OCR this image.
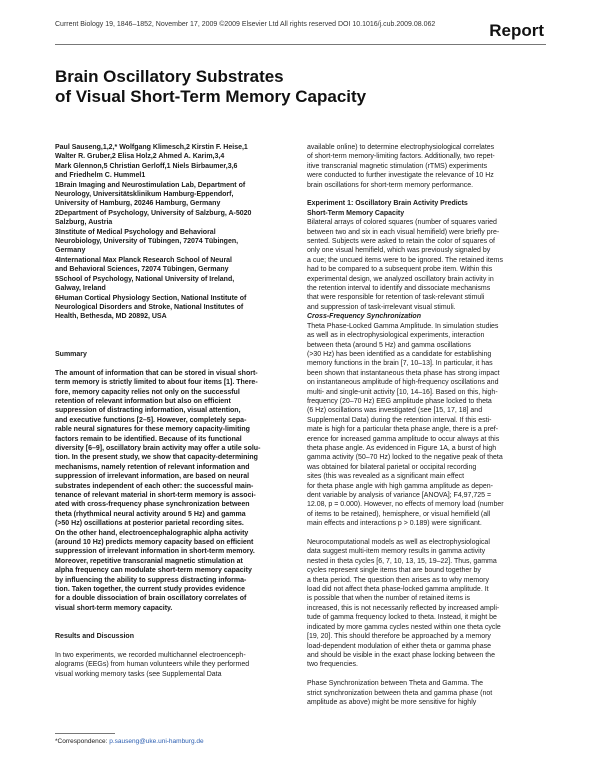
Current Biology 19, 1846–1852, November 17, 2009 ©2009 Elsevier Ltd All rights reserved DOI 10.1016/j.cub.2009.08.062	Report
Brain Oscillatory Substrates
of Visual Short-Term Memory Capacity

Paul Sauseng,1,2,* Wolfgang Klimesch,2 Kirstin F. Heise,1

Walter R. Gruber,2 Elisa Holz,2 Ahmed A. Karim,3,4

Mark Glennon,5 Christian Gerloff,1 Niels Birbaumer,3,6

and Friedhelm C. Hummel1

1Brain Imaging and Neurostimulation Lab, Department of

Neurology, Universitätsklinikum Hamburg-Eppendorf,

University of Hamburg, 20246 Hamburg, Germany

2Department of Psychology, University of Salzburg, A-5020

Salzburg, Austria

3Institute of Medical Psychology and Behavioral

Neurobiology, University of Tübingen, 72074 Tübingen,

Germany

4International Max Planck Research School of Neural

and Behavioral Sciences, 72074 Tübingen, Germany

5School of Psychology, National University of Ireland,

Galway, Ireland

6Human Cortical Physiology Section, National Institute of

Neurological Disorders and Stroke, National Institutes of

Health, Bethesda, MD 20892, USA

Summary

The amount of information that can be stored in visual short-

term memory is strictly limited to about four items [1]. There-

fore, memory capacity relies not only on the successful

retention of relevant information but also on efficient

suppression of distracting information, visual attention,

and executive functions [2–5]. However, completely sepa-

rable neural signatures for these memory capacity-limiting

factors remain to be identified. Because of its functional

diversity [6–9], oscillatory brain activity may offer a utile solu-

tion. In the present study, we show that capacity-determining

mechanisms, namely retention of relevant information and

suppression of irrelevant information, are based on neural

substrates independent of each other: the successful main-

tenance of relevant material in short-term memory is associ-

ated with cross-frequency phase synchronization between

theta (rhythmical neural activity around 5 Hz) and gamma

(>50 Hz) oscillations at posterior parietal recording sites.

On the other hand, electroencephalographic alpha activity

(around 10 Hz) predicts memory capacity based on efficient

suppression of irrelevant information in short-term memory.

Moreover, repetitive transcranial magnetic stimulation at

alpha frequency can modulate short-term memory capacity

by influencing the ability to suppress distracting informa-

tion. Taken together, the current study provides evidence

for a double dissociation of brain oscillatory correlates of

visual short-term memory capacity.

Results and Discussion

In two experiments, we recorded multichannel electroenceph-

alograms (EEGs) from human volunteers while they performed

visual working memory tasks (see Supplemental Data

available online) to determine electrophysiological correlates

of short-term memory-limiting factors. Additionally, two repet-

itive transcranial magnetic stimulation (rTMS) experiments

were conducted to further investigate the relevance of 10 Hz

brain oscillations for short-term memory performance.

Experiment 1: Oscillatory Brain Activity Predicts

Short-Term Memory Capacity

Bilateral arrays of colored squares (number of squares varied

between two and six in each visual hemifield) were briefly pre-

sented. Subjects were asked to retain the color of squares of

only one visual hemifield, which was previously signaled by

a cue; the uncued items were to be ignored. The retained items

had to be compared to a subsequent probe item. Within this

experimental design, we analyzed oscillatory brain activity in

the retention interval to identify and dissociate mechanisms

that were responsible for retention of task-relevant stimuli

and suppression of task-irrelevant visual stimuli.

Cross-Frequency Synchronization

Theta Phase-Locked Gamma Amplitude. In simulation studies

as well as in electrophysiological experiments, interaction

between theta (around 5 Hz) and gamma oscillations

(>30 Hz) has been identified as a candidate for establishing

memory functions in the brain [7, 10–13]. In particular, it has

been shown that instantaneous theta phase has strong impact

on instantaneous amplitude of high-frequency oscillations and

multi- and single-unit activity [10, 14–16]. Based on this, high-

frequency (20–70 Hz) EEG amplitude phase locked to theta

(6 Hz) oscillations was investigated (see [15, 17, 18] and

Supplemental Data) during the retention interval. If this esti-

mate is high for a particular theta phase angle, there is a pref-

erence for increased gamma amplitude to occur always at this

theta phase angle. As evidenced in Figure 1A, a burst of high

gamma activity (50–70 Hz) locked to the negative peak of theta

was obtained for bilateral parietal or occipital recording

sites (this was revealed as a significant main effect

for theta phase angle with high gamma amplitude as depen-

dent variable by analysis of variance [ANOVA]; F4,97,725 =

12.08, p = 0.000). However, no effects of memory load (number

of items to be retained), hemisphere, or visual hemifield (all

main effects and interactions p > 0.189) were significant.

Neurocomputational models as well as electrophysiological

data suggest multi-item memory results in gamma activity

nested in theta cycles [6, 7, 10, 13, 15, 19–22]. Thus, gamma

cycles represent single items that are bound together by

a theta period. The question then arises as to why memory

load did not affect theta phase-locked gamma amplitude. It

is possible that when the number of retained items is

increased, this is not necessarily reflected by increased ampli-

tude of gamma frequency locked to theta. Instead, it might be

indicated by more gamma cycles nested within one theta cycle

[19, 20]. This should therefore be approached by a memory

load-dependent modulation of either theta or gamma phase

and should be visible in the exact phase locking between the

two frequencies.

Phase Synchronization between Theta and Gamma. The

strict synchronization between theta and gamma phase (not

amplitude as above) might be more sensitive for highly

*Correspondence: p.sauseng@uke.uni-hamburg.de
